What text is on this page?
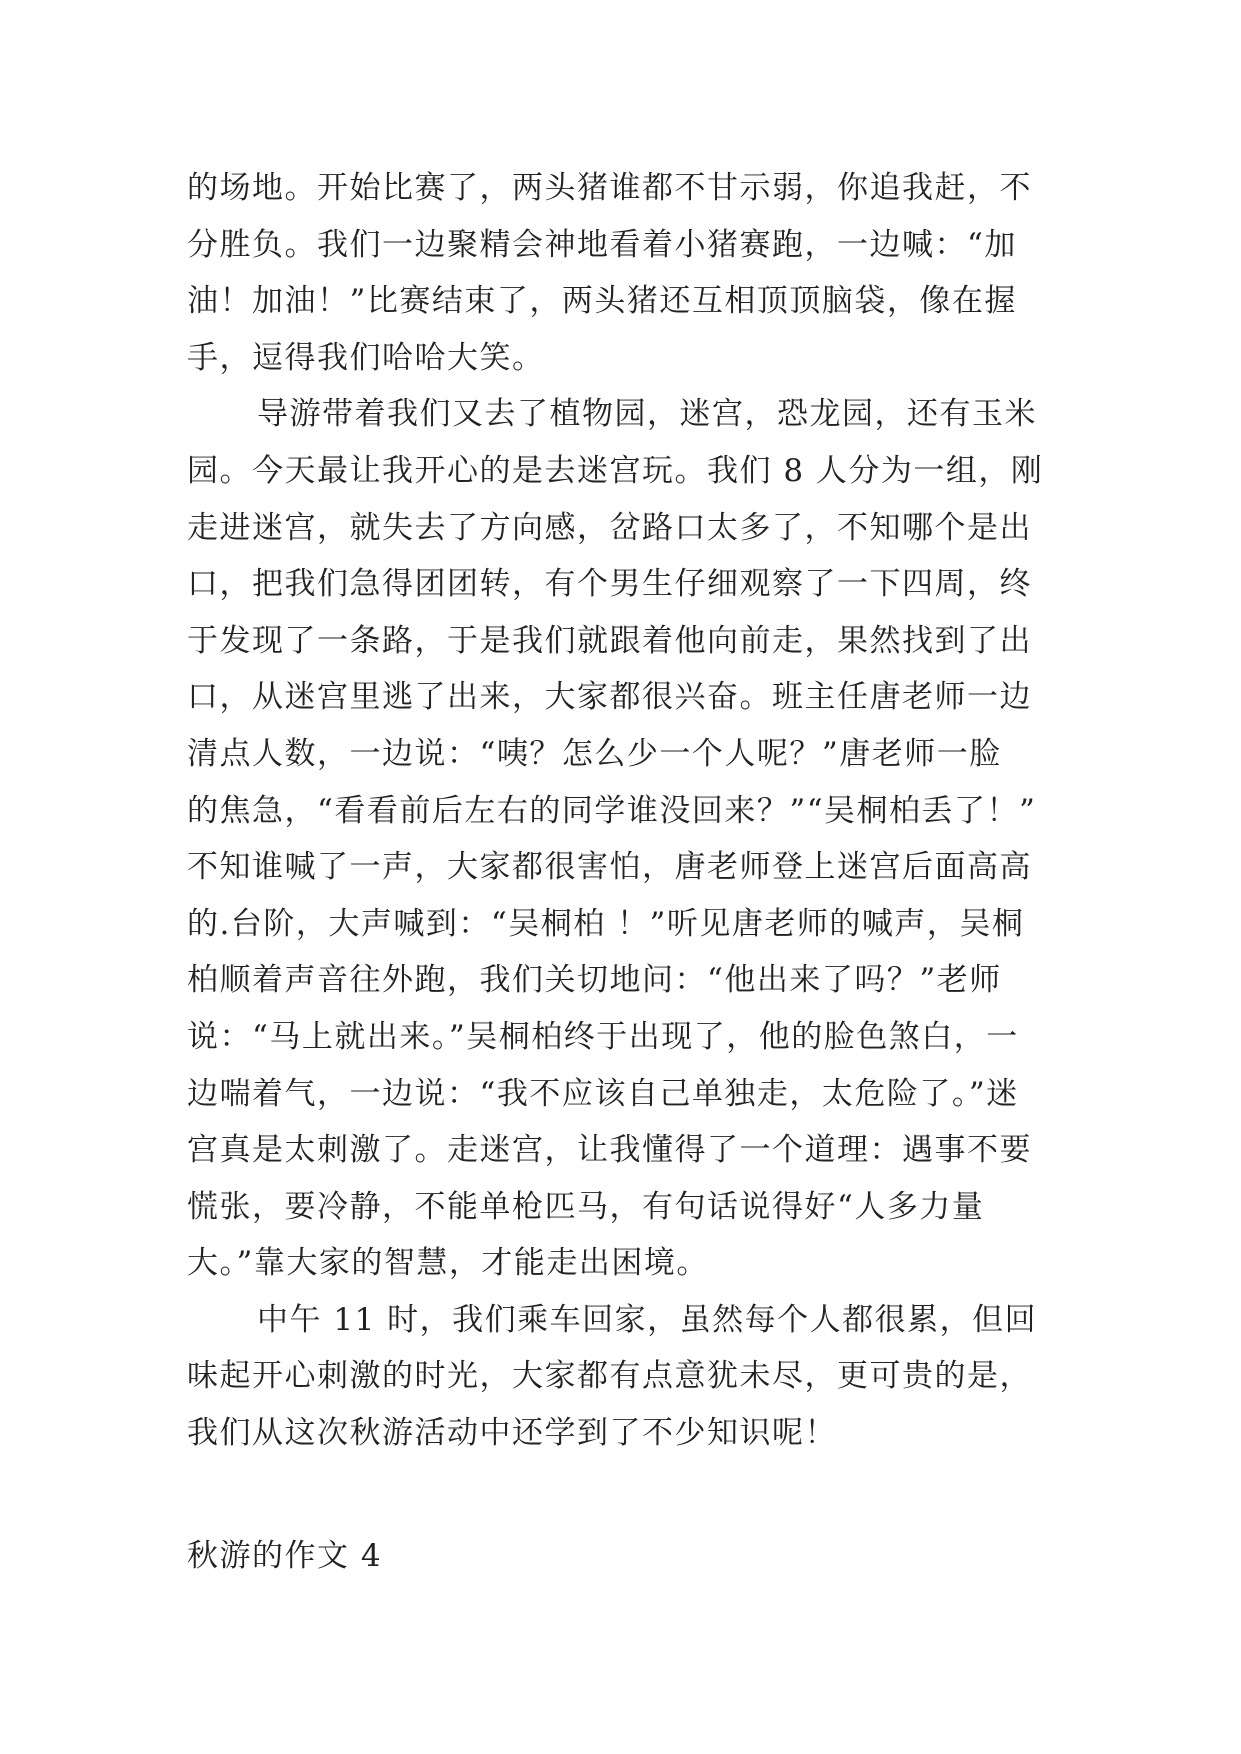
的场地。开始比赛了，两头猪谁都不甘示弱，你追我赶，不
分胜负。我们一边聚精会神地看着小猪赛跑，一边喊：“加
油！加油！”比赛结束了，两头猪还互相顶顶脑袋，像在握
手，逗得我们哈哈大笑。
导游带着我们又去了植物园，迷宫，恐龙园，还有玉米
园。今天最让我开心的是去迷宫玩。我们 8 人分为一组，刚
走进迷宫，就失去了方向感，岔路口太多了，不知哪个是出
口，把我们急得团团转，有个男生仔细观察了一下四周，终
于发现了一条路，于是我们就跟着他向前走，果然找到了出
口，从迷宫里逃了出来，大家都很兴奋。班主任唐老师一边
清点人数，一边说：“咦？怎么少一个人呢？”唐老师一脸
的焦急，“看看前后左右的同学谁没回来？”“吴桐柏丢了！”
不知谁喊了一声，大家都很害怕，唐老师登上迷宫后面高高
的.台阶，大声喊到：“吴桐柏 ！”听见唐老师的喊声，吴桐
柏顺着声音往外跑，我们关切地问：“他出来了吗？”老师
说：“马上就出来。”吴桐柏终于出现了，他的脸色煞白，一
边喘着气，一边说：“我不应该自己单独走，太危险了。”迷
宫真是太刺激了。走迷宫，让我懂得了一个道理：遇事不要
慌张，要冷静，不能单枪匹马，有句话说得好“人多力量
大。”靠大家的智慧，才能走出困境。
中午 11 时，我们乘车回家，虽然每个人都很累，但回
味起开心刺激的时光，大家都有点意犹未尽，更可贵的是，
我们从这次秋游活动中还学到了不少知识呢！
秋游的作文 4
